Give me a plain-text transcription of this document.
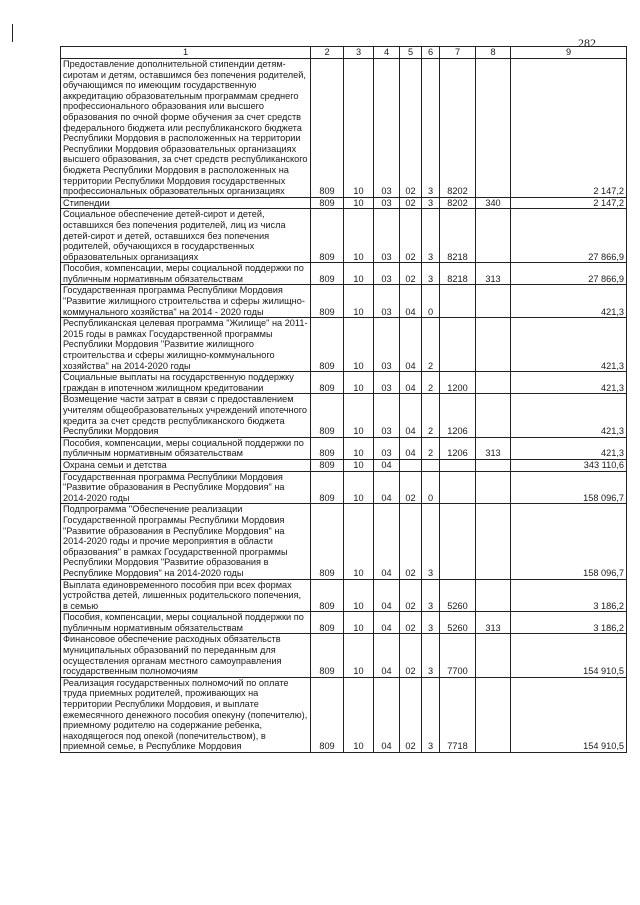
282
1	2	3	4	5	6	7	8	9

Предоставление дополнительной стипендии детям-сиротам и детям, оставшимся без попечения родителей, обучающимся по имеющим государственную аккредитацию образовательным программам среднего профессионального образования или высшего образования по очной форме обучения за счет средств федерального бюджета или республиканского бюджета Республики Мордовия в расположенных на территории Республики Мордовия образовательных организациях высшего образования, за счет средств республиканского бюджета Республики Мордовия в расположенных на территории Республики Мордовия государственных профессиональных образовательных организациях	809	10	03	02	3	8202		2 147,2

Стипендии	809	10	03	02	3	8202	340	2 147,2

Социальное обеспечение детей-сирот и детей, оставшихся без попечения родителей, лиц из числа детей-сирот и детей, оставшихся без попечения родителей, обучающихся в государственных образовательных организациях	809	10	03	02	3	8218		27 866,9

Пособия, компенсации, меры социальной поддержки по публичным нормативным обязательствам	809	10	03	02	3	8218	313	27 866,9

Государственная программа Республики Мордовия "Развитие жилищного строительства и сферы жилищно-коммунального хозяйства" на 2014 - 2020 годы	809	10	03	04	0			421,3

Республиканская целевая программа "Жилище" на 2011-2015 годы в рамках Государственной программы Республики Мордовия "Развитие жилищного строительства и сферы жилищно-коммунального хозяйства" на 2014-2020 годы	809	10	03	04	2			421,3

Социальные выплаты на государственную поддержку граждан в ипотечном жилищном кредитовании	809	10	03	04	2	1200		421,3

Возмещение части затрат в связи с предоставлением учителям общеобразовательных учреждений ипотечного кредита за счет средств республиканского бюджета Республики Мордовия	809	10	03	04	2	1206		421,3

Пособия, компенсации, меры социальной поддержки по публичным нормативным обязательствам	809	10	03	04	2	1206	313	421,3

Охрана семьи и детства	809	10	04					343 110,6

Государственная программа Республики Мордовия "Развитие образования в Республике Мордовия" на 2014-2020 годы	809	10	04	02	0			158 096,7

Подпрограмма "Обеспечение реализации Государственной программы Республики Мордовия "Развитие образования в Республике Мордовия" на 2014-2020 годы и прочие мероприятия в области образования" в рамках Государственной программы Республики Мордовия "Развитие образования в Республике Мордовия" на 2014-2020 годы	809	10	04	02	3			158 096,7

Выплата единовременного пособия при всех формах устройства детей, лишенных родительского попечения, в семью	809	10	04	02	3	5260		3 186,2

Пособия, компенсации, меры социальной поддержки по публичным нормативным обязательствам	809	10	04	02	3	5260	313	3 186,2

Финансовое обеспечение расходных обязательств муниципальных образований по переданным для осуществления органам местного самоуправления государственным полномочиям	809	10	04	02	3	7700		154 910,5

Реализация государственных полномочий по оплате труда приемных родителей, проживающих на территории Республики Мордовия, и выплате ежемесячного денежного пособия опекуну (попечителю), приемному родителю на содержание ребенка, находящегося под опекой (попечительством), в приемной семье, в Республике Мордовия	809	10	04	02	3	7718		154 910,5
